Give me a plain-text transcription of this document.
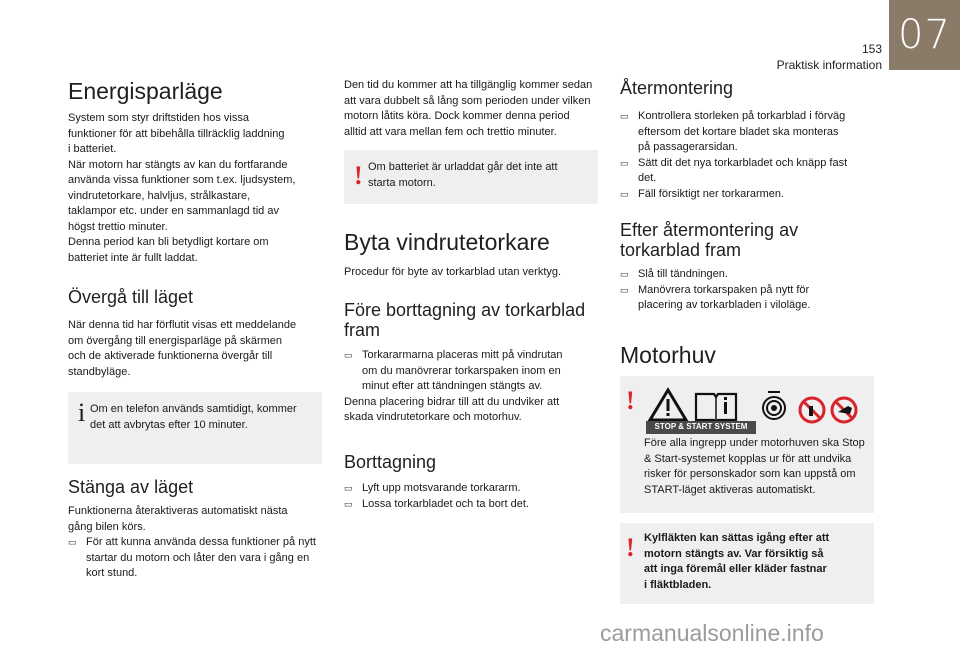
07
153
Praktisk information
Energisparläge

System som styr driftstiden hos vissa

funktioner för att bibehålla tillräcklig laddning

i batteriet.

När motorn har stängts av kan du fortfarande

använda vissa funktioner som t.ex. ljudsystem,

vindrutetorkare, halvljus, strålkastare,

taklampor etc. under en sammanlagd tid av

högst trettio minuter.

Denna period kan bli betydligt kortare om

batteriet inte är fullt laddat.

Övergå till läget

När denna tid har förflutit visas ett meddelande

om övergång till energisparläge på skärmen

och de aktiverade funktionerna övergår till

standbyläge.

i Om en telefon används samtidigt, kommer

det att avbrytas efter 10 minuter.

Stänga av läget

Funktionerna återaktiveras automatiskt nästa

gång bilen körs.

▭ För att kunna använda dessa funktioner på nytt

startar du motorn och låter den vara i gång en

kort stund.

Den tid du kommer att ha tillgänglig kommer sedan

att vara dubbelt så lång som perioden under vilken

motorn låtits köra. Dock kommer denna period

alltid att vara mellan fem och trettio minuter.

! Om batteriet är urladdat går det inte att

starta motorn.

Byta vindrutetorkare

Procedur för byte av torkarblad utan verktyg.

Före borttagning av torkarblad fram
▭ Torkararmarna placeras mitt på vindrutan

om du manövrerar torkarspaken inom en

minut efter att tändningen stängts av.

Denna placering bidrar till att du undviker att

skada vindrutetorkare och motorhuv.

Borttagning
▭ Lyft upp motsvarande torkararm.

▭ Lossa torkarbladet och ta bort det.

Återmontering
▭ Kontrollera storleken på torkarblad i förväg

eftersom det kortare bladet ska monteras

på passagerarsidan.

▭ Sätt dit det nya torkarbladet och knäpp fast

det.

▭ Fäll försiktigt ner torkararmen.

Efter återmontering av torkarblad fram
▭ Slå till tändningen.

▭ Manövrera torkarspaken på nytt för

placering av torkarbladen i viloläge.

Motorhuv
!

Före alla ingrepp under motorhuven ska Stop

& Start-systemet kopplas ur för att undvika

risker för personskador som kan uppstå om

START-läget aktiveras automatiskt.

STOP & START SYSTEM
! Kylfläkten kan sättas igång efter att

motorn stängts av. Var försiktig så

att inga föremål eller kläder fastnar

i fläktbladen.

carmanualsonline.info
